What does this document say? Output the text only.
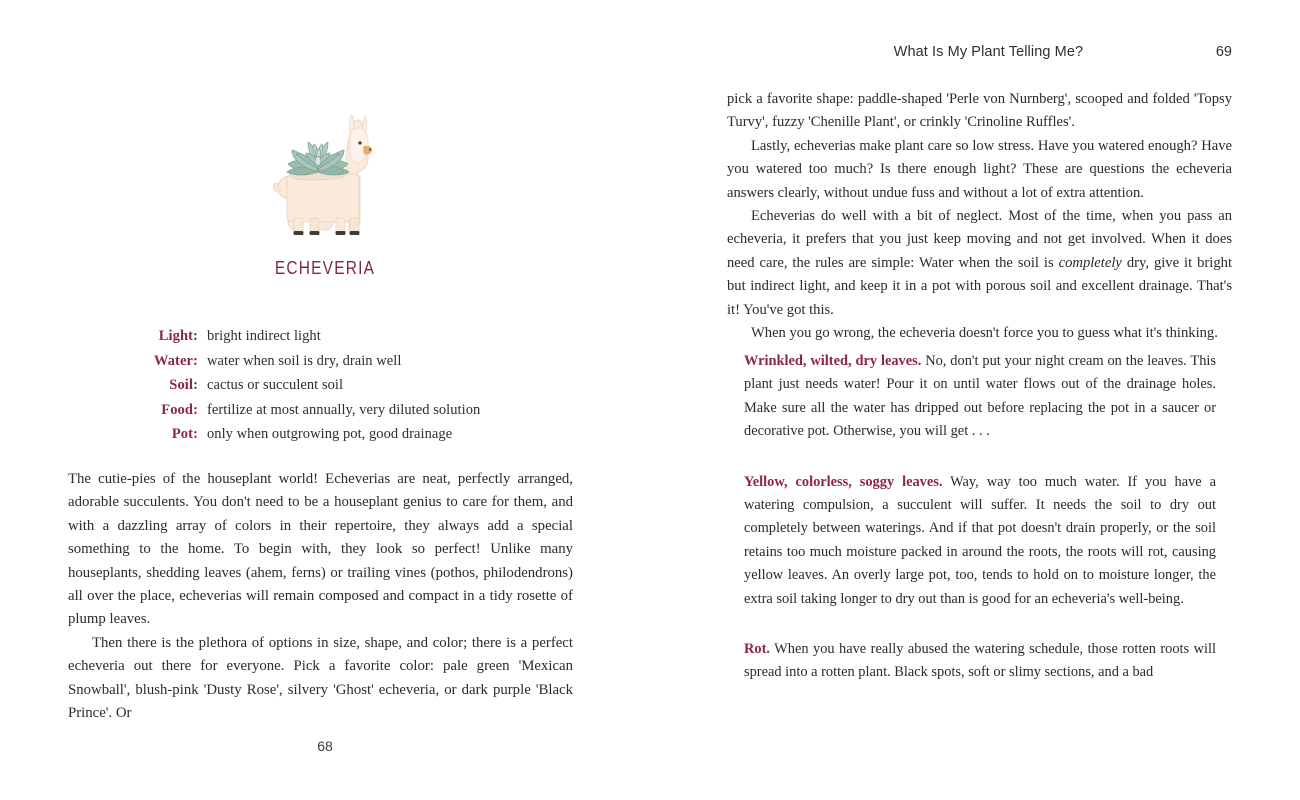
echeveria
Light: bright indirect light
Water: water when soil is dry, drain well
Soil: cactus or succulent soil
Food: fertilize at most annually, very diluted solution
Pot: only when outgrowing pot, good drainage

The cutie-pies of the houseplant world! Echeverias are neat, perfectly arranged, adorable succulents. You don't need to be a houseplant genius to care for them, and with a dazzling array of colors in their repertoire, they always add a special something to the home. To begin with, they look so perfect! Unlike many houseplants, shedding leaves (ahem, ferns) or trailing vines (pothos, philodendrons) all over the place, echeverias will remain composed and compact in a tidy rosette of plump leaves.

Then there is the plethora of options in size, shape, and color; there is a perfect echeveria out there for everyone. Pick a favorite color: pale green 'Mexican Snowball', blush-pink 'Dusty Rose', silvery 'Ghost' echeveria, or dark purple 'Black Prince'. Or

68
What Is My Plant Telling Me?	69

pick a favorite shape: paddle-shaped 'Perle von Nurnberg', scooped and folded 'Topsy Turvy', fuzzy 'Chenille Plant', or crinkly 'Crinoline Ruffles'.

Lastly, echeverias make plant care so low stress. Have you watered enough? Have you watered too much? Is there enough light? These are questions the echeveria answers clearly, without undue fuss and without a lot of extra attention.

Echeverias do well with a bit of neglect. Most of the time, when you pass an echeveria, it prefers that you just keep moving and not get involved. When it does need care, the rules are simple: Water when the soil is completely dry, give it bright but indirect light, and keep it in a pot with porous soil and excellent drainage. That's it! You've got this.

When you go wrong, the echeveria doesn't force you to guess what it's thinking.

Wrinkled, wilted, dry leaves. No, don't put your night cream on the leaves. This plant just needs water! Pour it on until water flows out of the drainage holes. Make sure all the water has dripped out before replacing the pot in a saucer or decorative pot. Otherwise, you will get . . .

Yellow, colorless, soggy leaves. Way, way too much water. If you have a watering compulsion, a succulent will suffer. It needs the soil to dry out completely between waterings. And if that pot doesn't drain properly, or the soil retains too much moisture packed in around the roots, the roots will rot, causing yellow leaves. An overly large pot, too, tends to hold on to moisture longer, the extra soil taking longer to dry out than is good for an echeveria's well-being.

Rot. When you have really abused the watering schedule, those rotten roots will spread into a rotten plant. Black spots, soft or slimy sections, and a bad
